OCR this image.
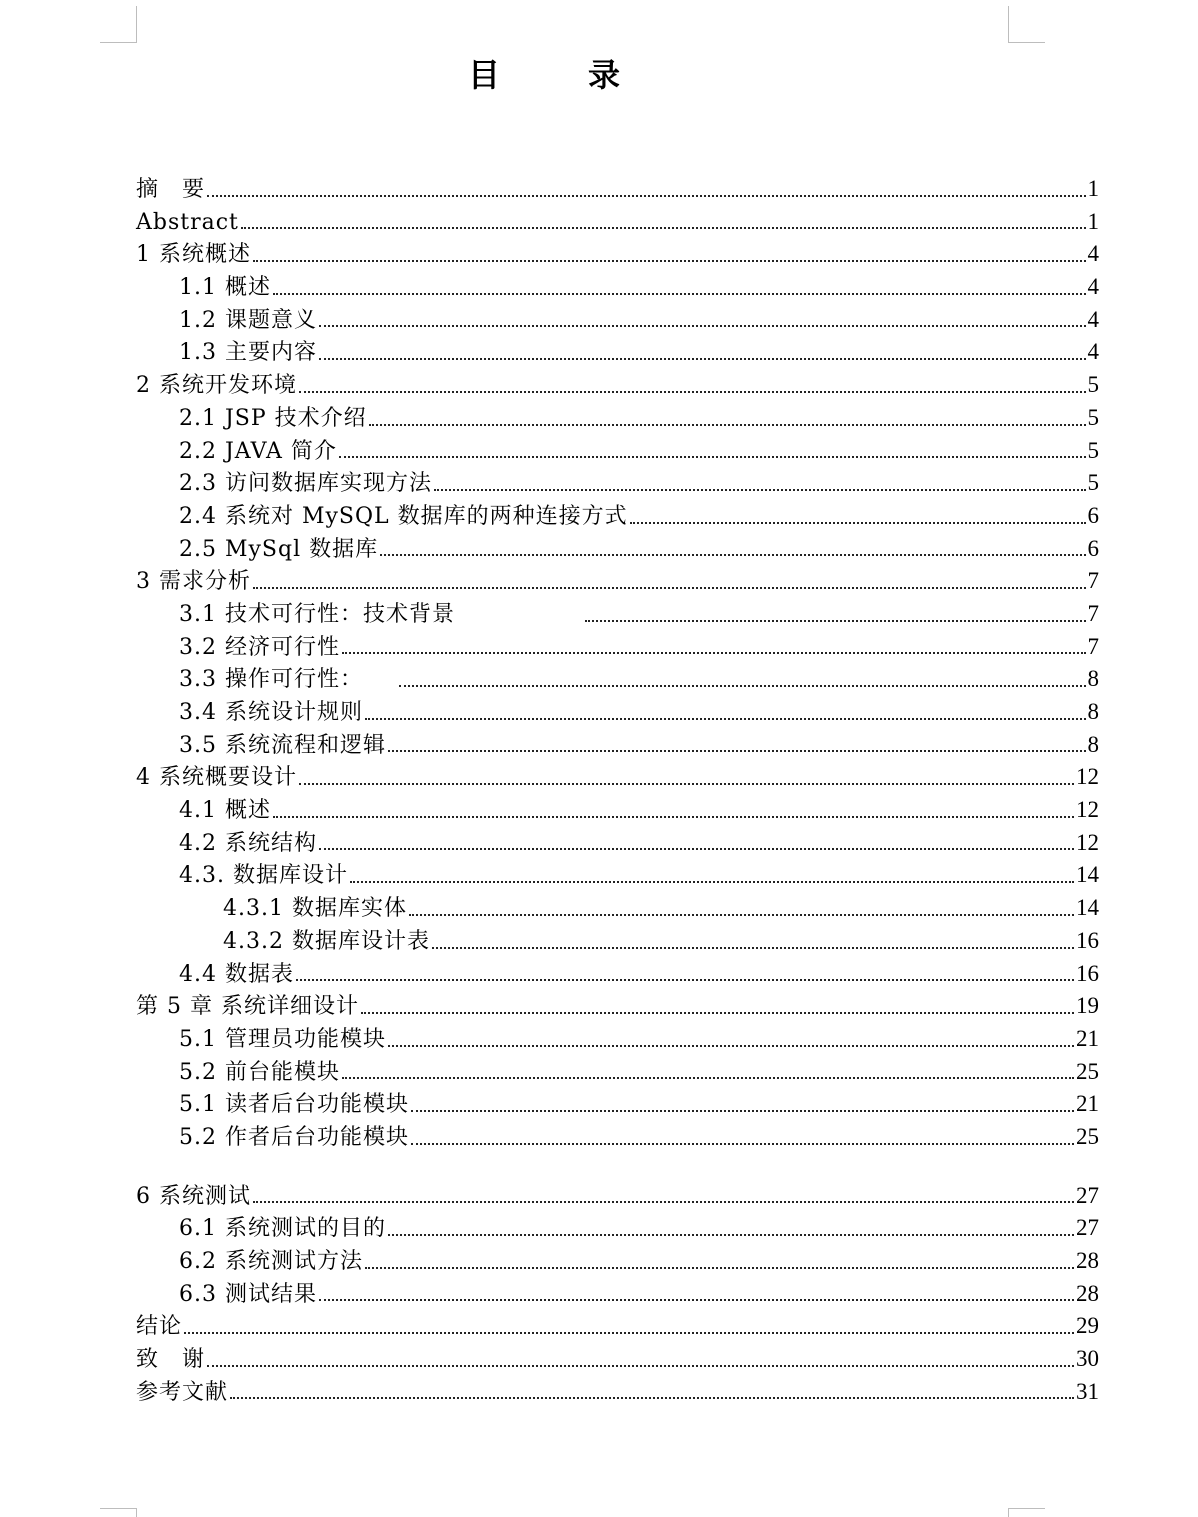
目　录
摘　要	1
Abstract	1
1 系统概述	4
1.1 概述	4
1.2 课题意义	4
1.3 主要内容	4
2 系统开发环境	5
2.1 JSP 技术介绍	5
2.2 JAVA 简介	5
2.3 访问数据库实现方法	5
2.4 系统对 MySQL 数据库的两种连接方式	6
2.5 MySql 数据库	6
3 需求分析	7
3.1 技术可行性：技术背景	7
3.2 经济可行性	7
3.3 操作可行性：	8
3.4 系统设计规则	8
3.5 系统流程和逻辑	8
4 系统概要设计	12
4.1 概述	12
4.2 系统结构	12
4.3. 数据库设计	14
4.3.1 数据库实体	14
4.3.2 数据库设计表	16
4.4 数据表	16
第 5 章 系统详细设计	19
5.1 管理员功能模块	21
5.2 前台能模块	25
5.1 读者后台功能模块	21
5.2 作者后台功能模块	25
6 系统测试	27
6.1 系统测试的目的	27
6.2 系统测试方法	28
6.3 测试结果	28
结论	29
致　谢	30
参考文献	31
